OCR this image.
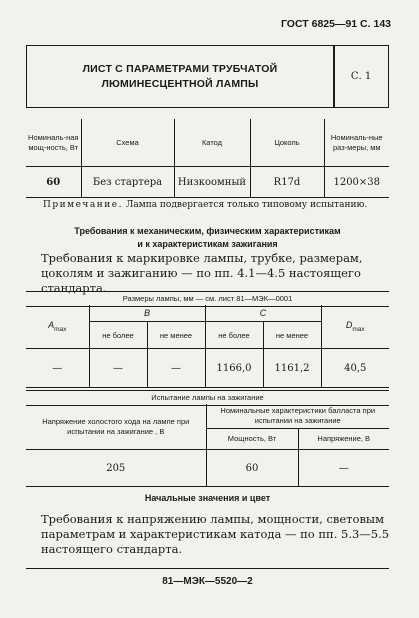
ГОСТ 6825—91 С. 143
ЛИСТ С ПАРАМЕТРАМИ ТРУБЧАТОЙ
ЛЮМИНЕСЦЕНТНОЙ ЛАМПЫ
С. 1
Номиналь-ная мощ-ность, Вт	Схема	Катод	Цоколь	Номиналь-ные раз-меры, мм
60	Без стартера	Низкоомный	R17d	1200×38
Примечание. Лампа подвергается только типовому испытанию.
Требования к механическим, физическим характеристикам
и к характеристикам зажигания
Требования к маркировке лампы, трубке, размерам, цоколям и зажиганию — по пп. 4.1—4.5 настоящего стандарта.
Размеры лампы, мм — см. лист 81—МЭК—0001
$A_{max}$	B		C		$D_{max}$
	не более	не менее	не более	не менее	
—	—	—	1166,0	1161,2	40,5
Испытание лампы на зажигание
Напряжение холостого хода на лампе при испытании на зажигание , В	Номинальные характеристики балласта при испытании на зажигание	
	Мощность, Вт	Напряжение, В
205	60	—
Начальные значения и цвет
Требования к напряжению лампы, мощности, световым параметрам и характеристикам катода — по пп. 5.3—5.5 настоящего стандарта.
81—МЭК—5520—2
